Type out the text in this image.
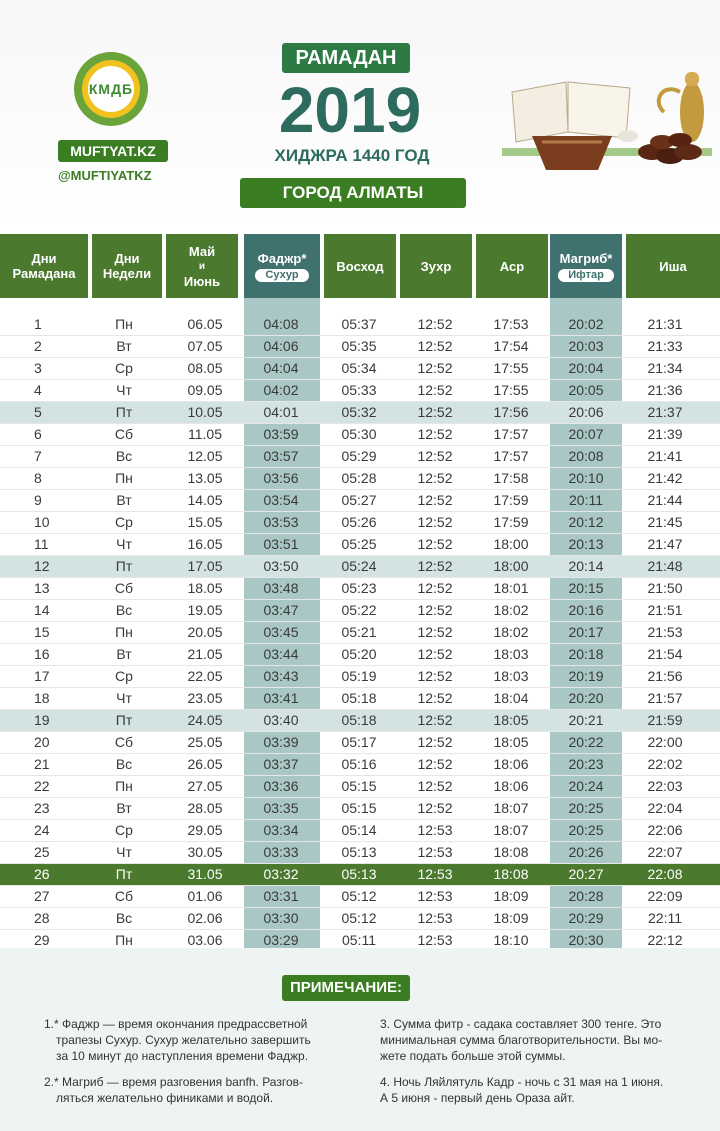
КМДБ
MUFTYAT.KZ
@MUFTIYATKZ
РАМАДАН
2019
ХИДЖРА 1440 ГОД
ГОРОД АЛМАТЫ
Дни
Рамадана
Дни
Недели
Май
и
Июнь
Фаджр*
Сухур
Восход	Зухр	Аср
Магриб*
Ифтар
Иша
1	Пн	06.05	04:08	05:37	12:52	17:53	20:02	21:31
2	Вт	07.05	04:06	05:35	12:52	17:54	20:03	21:33
3	Ср	08.05	04:04	05:34	12:52	17:55	20:04	21:34
4	Чт	09.05	04:02	05:33	12:52	17:55	20:05	21:36
5	Пт	10.05	04:01	05:32	12:52	17:56	20:06	21:37
6	Сб	11.05	03:59	05:30	12:52	17:57	20:07	21:39
7	Вс	12.05	03:57	05:29	12:52	17:57	20:08	21:41
8	Пн	13.05	03:56	05:28	12:52	17:58	20:10	21:42
9	Вт	14.05	03:54	05:27	12:52	17:59	20:11	21:44
10	Ср	15.05	03:53	05:26	12:52	17:59	20:12	21:45
11	Чт	16.05	03:51	05:25	12:52	18:00	20:13	21:47
12	Пт	17.05	03:50	05:24	12:52	18:00	20:14	21:48
13	Сб	18.05	03:48	05:23	12:52	18:01	20:15	21:50
14	Вс	19.05	03:47	05:22	12:52	18:02	20:16	21:51
15	Пн	20.05	03:45	05:21	12:52	18:02	20:17	21:53
16	Вт	21.05	03:44	05:20	12:52	18:03	20:18	21:54
17	Ср	22.05	03:43	05:19	12:52	18:03	20:19	21:56
18	Чт	23.05	03:41	05:18	12:52	18:04	20:20	21:57
19	Пт	24.05	03:40	05:18	12:52	18:05	20:21	21:59
20	Сб	25.05	03:39	05:17	12:52	18:05	20:22	22:00
21	Вс	26.05	03:37	05:16	12:52	18:06	20:23	22:02
22	Пн	27.05	03:36	05:15	12:52	18:06	20:24	22:03
23	Вт	28.05	03:35	05:15	12:52	18:07	20:25	22:04
24	Ср	29.05	03:34	05:14	12:53	18:07	20:25	22:06
25	Чт	30.05	03:33	05:13	12:53	18:08	20:26	22:07
26	Пт	31.05	03:32	05:13	12:53	18:08	20:27	22:08
27	Сб	01.06	03:31	05:12	12:53	18:09	20:28	22:09
28	Вс	02.06	03:30	05:12	12:53	18:09	20:29	22:11
29	Пн	03.06	03:29	05:11	12:53	18:10	20:30	22:12
ПРИМЕЧАНИЕ:
1.* Фаджр — время окончания предрассветной
трапезы Сухур. Сухур желательно завершить
за 10 минут до наступления времени Фаджр.
2.* Магриб — время разговения banfh. Разгов-
ляться желательно финиками и водой.
3. Сумма фитр - садака составляет 300 тенге. Это
минимальная сумма благотворительности. Вы мо-
жете подать больше этой суммы.
4. Ночь Ляйлятуль Кадр - ночь с 31 мая на 1 июня.
А 5 июня - первый день Ораза айт.
